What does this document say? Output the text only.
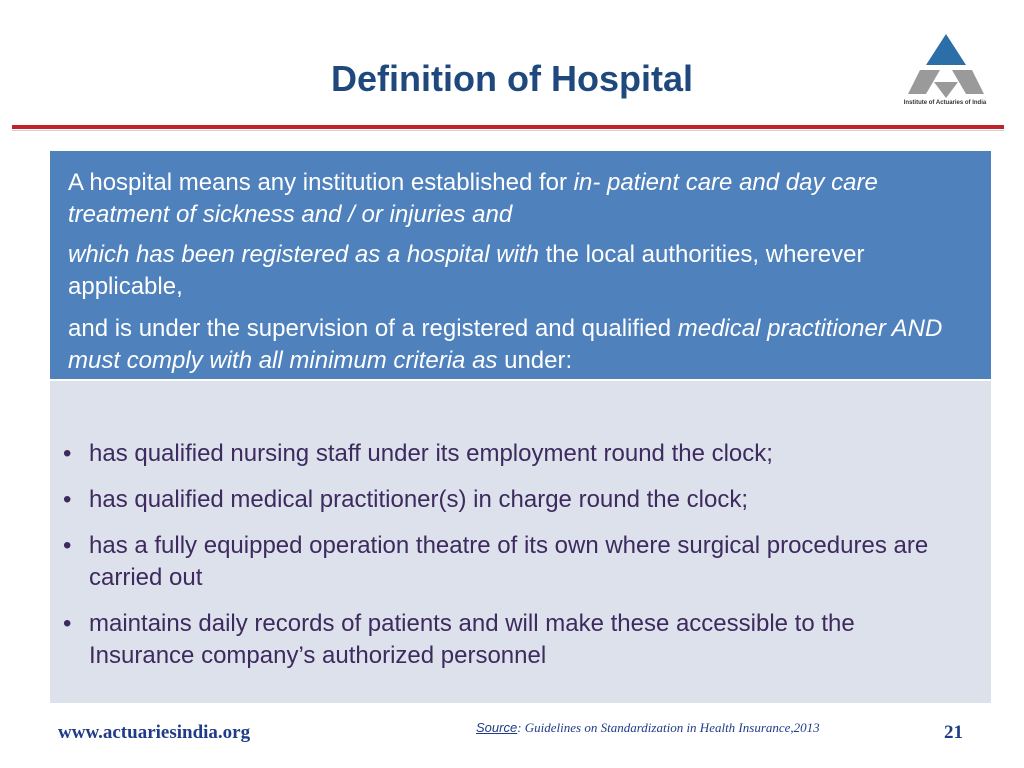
Definition of Hospital
Institute of Actuaries of India

A hospital means any institution established for in- patient care and day care treatment of sickness and / or injuries and

which has been registered as a hospital with the local authorities, wherever applicable,

and is under the supervision of a registered and qualified medical practitioner AND must comply with all minimum criteria as under:

• has qualified nursing staff under its employment round the clock;
• has qualified medical practitioner(s) in charge round the clock;
• has a fully equipped operation theatre of its own where surgical procedures are carried out
• maintains daily records of patients and will make these accessible to the Insurance company’s authorized personnel
www.actuariesindia.org	Source: Guidelines on Standardization in Health Insurance,2013	21
